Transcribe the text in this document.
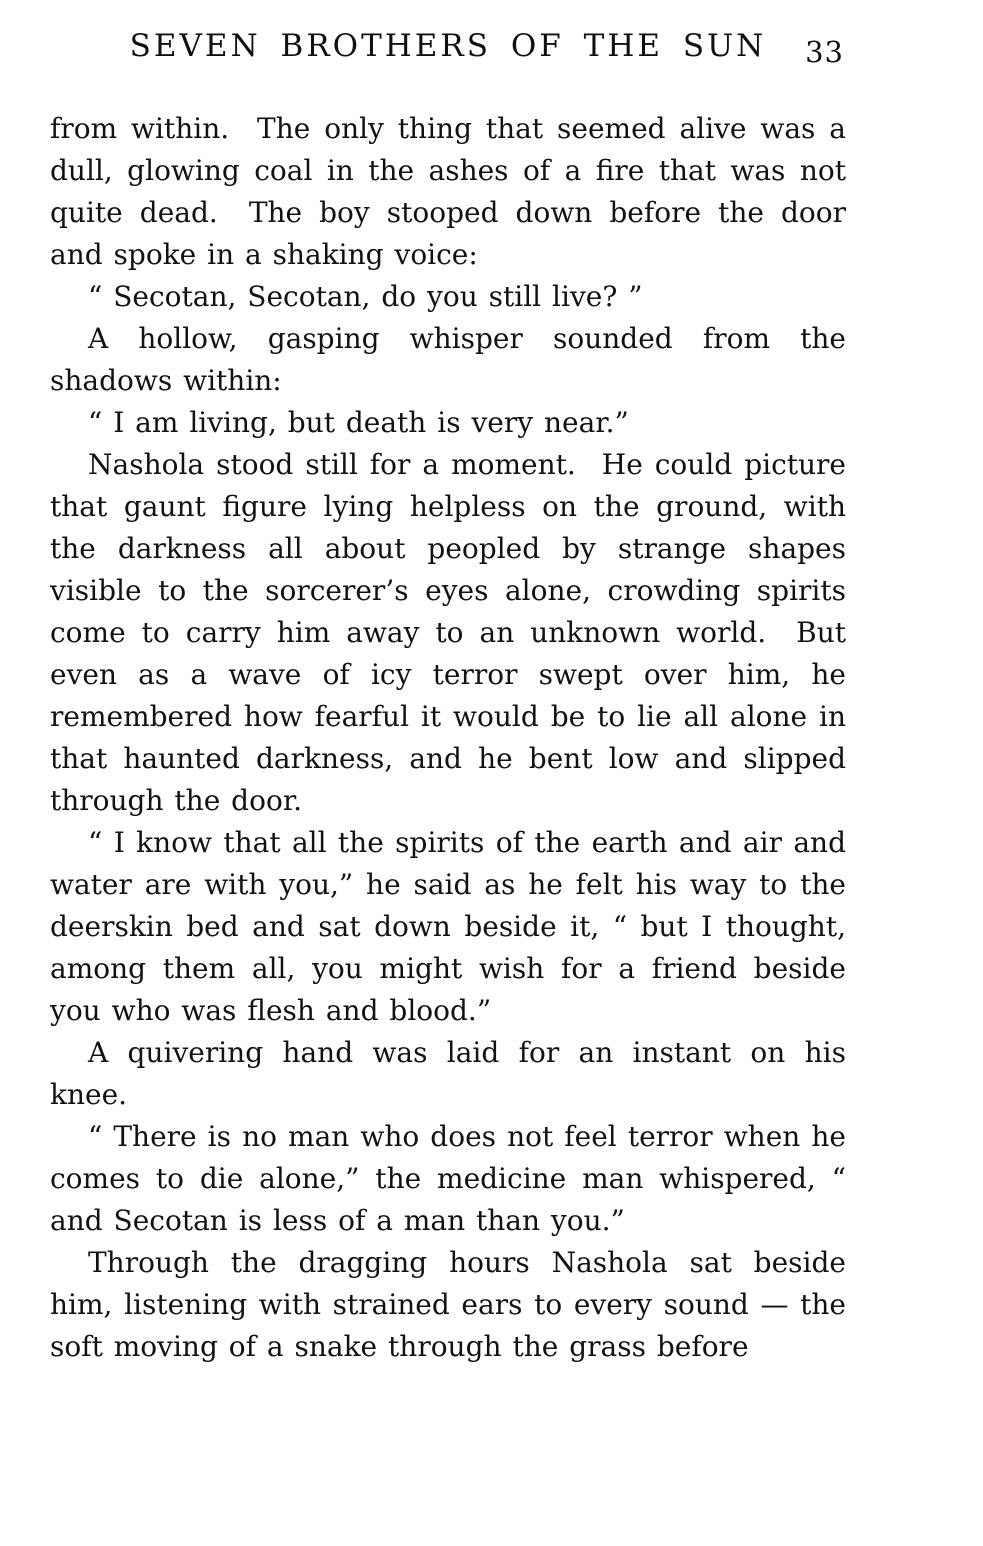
SEVEN BROTHERS OF THE SUN 33

from within.  The only thing that seemed alive was a dull, glowing coal in the ashes of a fire that was not quite dead.  The boy stooped down before the door and spoke in a shaking voice:

“ Secotan, Secotan, do you still live? ”

A hollow, gasping whisper sounded from the shadows within:

“ I am living, but death is very near.”

Nashola stood still for a moment.  He could picture that gaunt figure lying helpless on the ground, with the darkness all about peopled by strange shapes visible to the sorcerer’s eyes alone, crowding spirits come to carry him away to an unknown world.  But even as a wave of icy terror swept over him, he remembered how fearful it would be to lie all alone in that haunted darkness, and he bent low and slipped through the door.

“ I know that all the spirits of the earth and air and water are with you,” he said as he felt his way to the deerskin bed and sat down beside it, “ but I thought, among them all, you might wish for a friend beside you who was flesh and blood.”

A quivering hand was laid for an instant on his knee.

“ There is no man who does not feel terror when he comes to die alone,” the medicine man whispered, “ and Secotan is less of a man than you.”

Through the dragging hours Nashola sat beside him, listening with strained ears to every sound — the soft moving of a snake through the grass before
